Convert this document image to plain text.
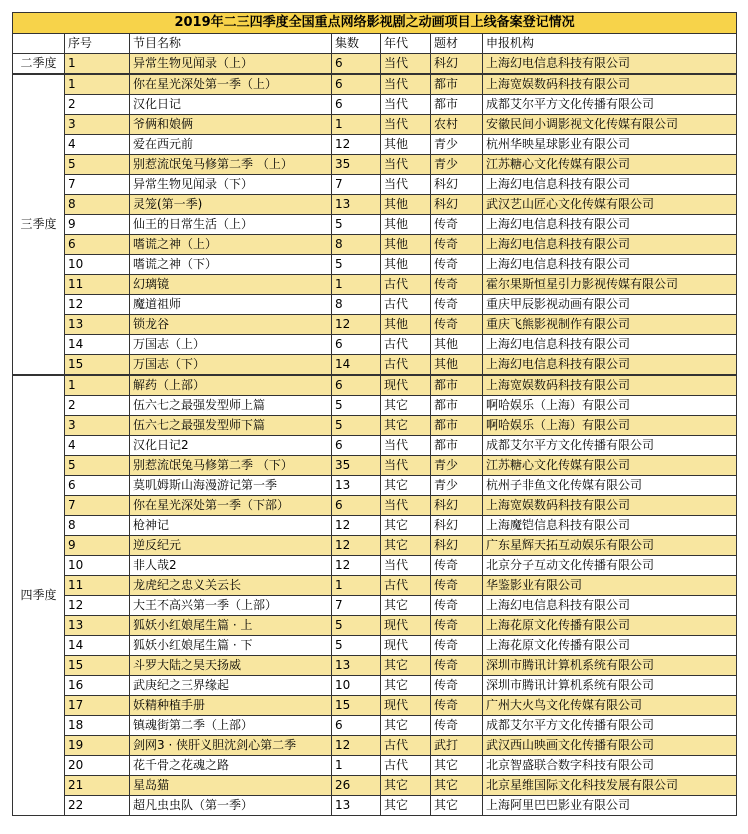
2019年二三四季度全国重点网络影视剧之动画项目上线备案登记情况						
	序号	节目名称	集数	年代	题材	申报机构
二季度	1	异常生物见闻录（上）	6	当代	科幻	上海幻电信息科技有限公司
三季度	1	你在星光深处第一季（上）	6	当代	都市	上海宽娱数码科技有限公司
	2	汉化日记	6	当代	都市	成都艾尔平方文化传播有限公司
	3	爷俩和娘俩	1	当代	农村	安徽民间小调影视文化传媒有限公司
	4	爱在西元前	12	其他	青少	杭州华映星球影业有限公司
	5	别惹流氓兔马修第二季 （上）	35	当代	青少	江苏糖心文化传媒有限公司
	7	异常生物见闻录（下）	7	当代	科幻	上海幻电信息科技有限公司
	8	灵笼(第一季)	13	其他	科幻	武汉艺山匠心文化传媒有限公司
	9	仙王的日常生活（上）	5	其他	传奇	上海幻电信息科技有限公司
	6	嗜谎之神（上）	8	其他	传奇	上海幻电信息科技有限公司
	10	嗜谎之神（下）	5	其他	传奇	上海幻电信息科技有限公司
	11	幻璃镜	1	古代	传奇	霍尔果斯恒星引力影视传媒有限公司
	12	魔道祖师	8	古代	传奇	重庆甲辰影视动画有限公司
	13	锁龙谷	12	其他	传奇	重庆飞熊影视制作有限公司
	14	万国志（上）	6	古代	其他	上海幻电信息科技有限公司
	15	万国志（下）	14	古代	其他	上海幻电信息科技有限公司
四季度	1	解药（上部）	6	现代	都市	上海宽娱数码科技有限公司
	2	伍六七之最强发型师上篇	5	其它	都市	啊哈娱乐（上海）有限公司
	3	伍六七之最强发型师下篇	5	其它	都市	啊哈娱乐（上海）有限公司
	4	汉化日记2	6	当代	都市	成都艾尔平方文化传播有限公司
	5	别惹流氓兔马修第二季 （下）	35	当代	青少	江苏糖心文化传媒有限公司
	6	莫叽姆斯山海漫游记第一季	13	其它	青少	杭州子非鱼文化传媒有限公司
	7	你在星光深处第一季（下部）	6	当代	科幻	上海宽娱数码科技有限公司
	8	枪神记	12	其它	科幻	上海魔铠信息科技有限公司
	9	逆反纪元	12	其它	科幻	广东星辉天拓互动娱乐有限公司
	10	非人哉2	12	当代	传奇	北京分子互动文化传播有限公司
	11	龙虎纪之忠义关云长	1	古代	传奇	华鉴影业有限公司
	12	大王不高兴第一季（上部）	7	其它	传奇	上海幻电信息科技有限公司
	13	狐妖小红娘尾生篇 · 上	5	现代	传奇	上海花原文化传播有限公司
	14	狐妖小红娘尾生篇 · 下	5	现代	传奇	上海花原文化传播有限公司
	15	斗罗大陆之昊天扬威	13	其它	传奇	深圳市腾讯计算机系统有限公司
	16	武庚纪之三界缘起	10	其它	传奇	深圳市腾讯计算机系统有限公司
	17	妖精种植手册	15	现代	传奇	广州大火鸟文化传媒有限公司
	18	镇魂街第二季（上部）	6	其它	传奇	成都艾尔平方文化传播有限公司
	19	剑网3 · 侠肝义胆沈剑心第二季	12	古代	武打	武汉西山映画文化传播有限公司
	20	花千骨之花魂之路	1	古代	其它	北京智盛联合数字科技有限公司
	21	星岛猫	26	其它	其它	北京星维国际文化科技发展有限公司
	22	超凡虫虫队（第一季）	13	其它	其它	上海阿里巴巴影业有限公司
